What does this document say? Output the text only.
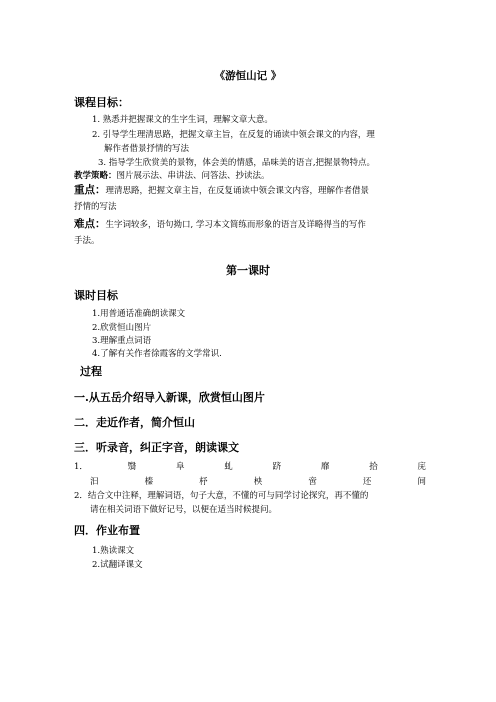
《游恒山记 》
课程目标：
1. 熟悉并把握课文的生字生词，理解文章大意。
2. 引导学生理清思路，把握文章主旨，在反复的诵读中领会课文的内容，理
解作者借景抒情的写法
3. 指导学生欣赏美的景物，体会美的情感，品味美的语言,把握景物特点。
教学策略：图片展示法、串讲法、问答法、抄读法。
重点：理清思路，把握文章主旨，在反复诵读中领会课文内容，理解作者借景
抒情的写法
难点：生字词较多，语句拗口, 学习本文简练而形象的语言及详略得当的写作
手法。
第一课时
课时目标
1.用普通话准确朗读课文
2.欣赏恒山图片
3.理解重点词语
4.了解有关作者徐霞客的文学常识.
过程
一.从五岳介绍导入新课，欣赏恒山图片
二．走近作者，简介恒山
三．听录音，纠正字音，朗读课文
1．	翳	阜	虬	跻	靡	拾	庑
汩	榛	杼	柍	啻	还	间
2．结合文中注释，理解词语，句子大意，不懂的可与同学讨论探究，再不懂的
请在相关词语下做好记号，以便在适当时候提问。
四．作业布置
1.熟读课文
2.试翻译课文
